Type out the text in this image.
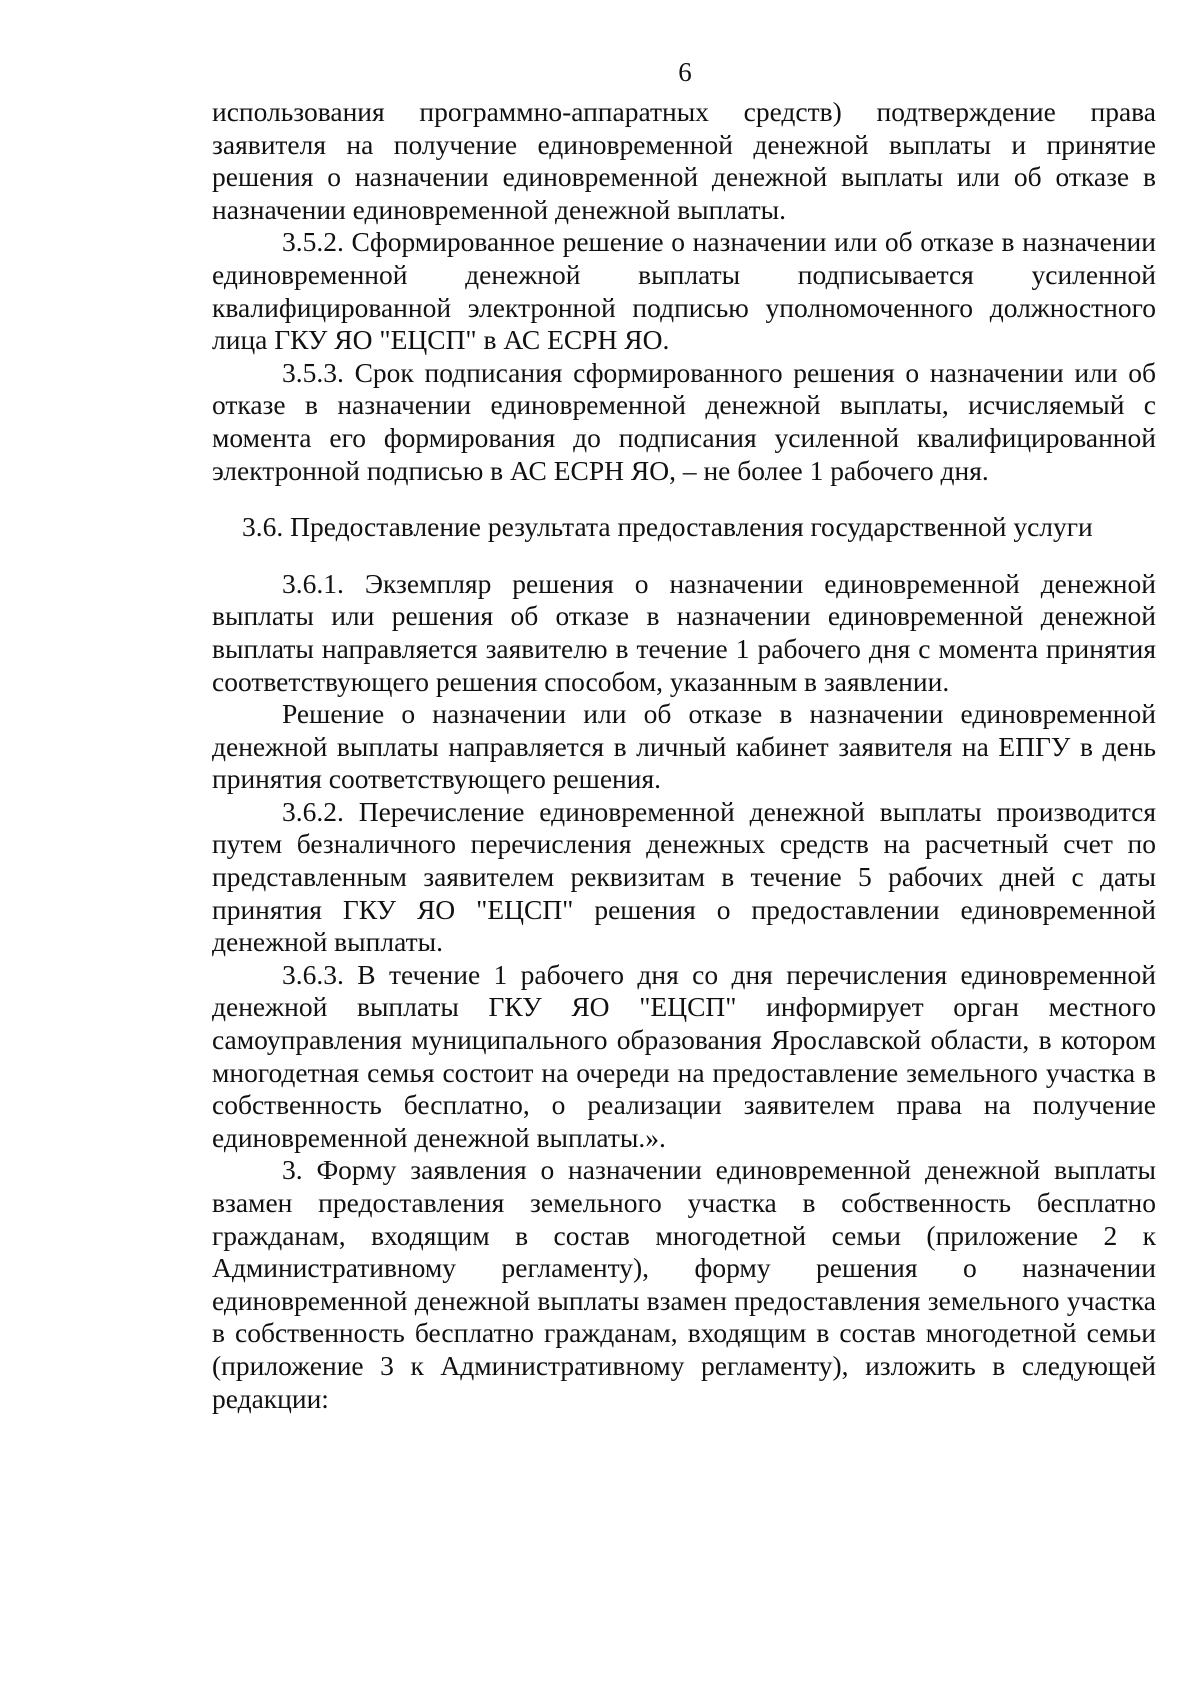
6

использования программно-аппаратных средств) подтверждение права заявителя на получение единовременной денежной выплаты и принятие решения о назначении единовременной денежной выплаты или об отказе в назначении единовременной денежной выплаты.

3.5.2. Сформированное решение о назначении или об отказе в назначении единовременной денежной выплаты подписывается усиленной квалифицированной электронной подписью уполномоченного должностного лица ГКУ ЯО "ЕЦСП" в АС ЕСРН ЯО.

3.5.3. Срок подписания сформированного решения о назначении или об отказе в назначении единовременной денежной выплаты, исчисляемый с момента его формирования до подписания усиленной квалифицированной электронной подписью в АС ЕСРН ЯО, – не более 1 рабочего дня.

3.6. Предоставление результата предоставления государственной услуги

3.6.1. Экземпляр решения о назначении единовременной денежной выплаты или решения об отказе в назначении единовременной денежной выплаты направляется заявителю в течение 1 рабочего дня с момента принятия соответствующего решения способом, указанным в заявлении.

Решение о назначении или об отказе в назначении единовременной денежной выплаты направляется в личный кабинет заявителя на ЕПГУ в день принятия соответствующего решения.

3.6.2. Перечисление единовременной денежной выплаты производится путем безналичного перечисления денежных средств на расчетный счет по представленным заявителем реквизитам в течение 5 рабочих дней с даты принятия ГКУ ЯО "ЕЦСП" решения о предоставлении единовременной денежной выплаты.

3.6.3. В течение 1 рабочего дня со дня перечисления единовременной денежной выплаты ГКУ ЯО "ЕЦСП" информирует орган местного самоуправления муниципального образования Ярославской области, в котором многодетная семья состоит на очереди на предоставление земельного участка в собственность бесплатно, о реализации заявителем права на получение единовременной денежной выплаты.».

3. Форму заявления о назначении единовременной денежной выплаты взамен предоставления земельного участка в собственность бесплатно гражданам, входящим в состав многодетной семьи (приложение 2 к Административному регламенту), форму решения о назначении единовременной денежной выплаты взамен предоставления земельного участка в собственность бесплатно гражданам, входящим в состав многодетной семьи (приложение 3 к Административному регламенту), изложить в следующей редакции:
